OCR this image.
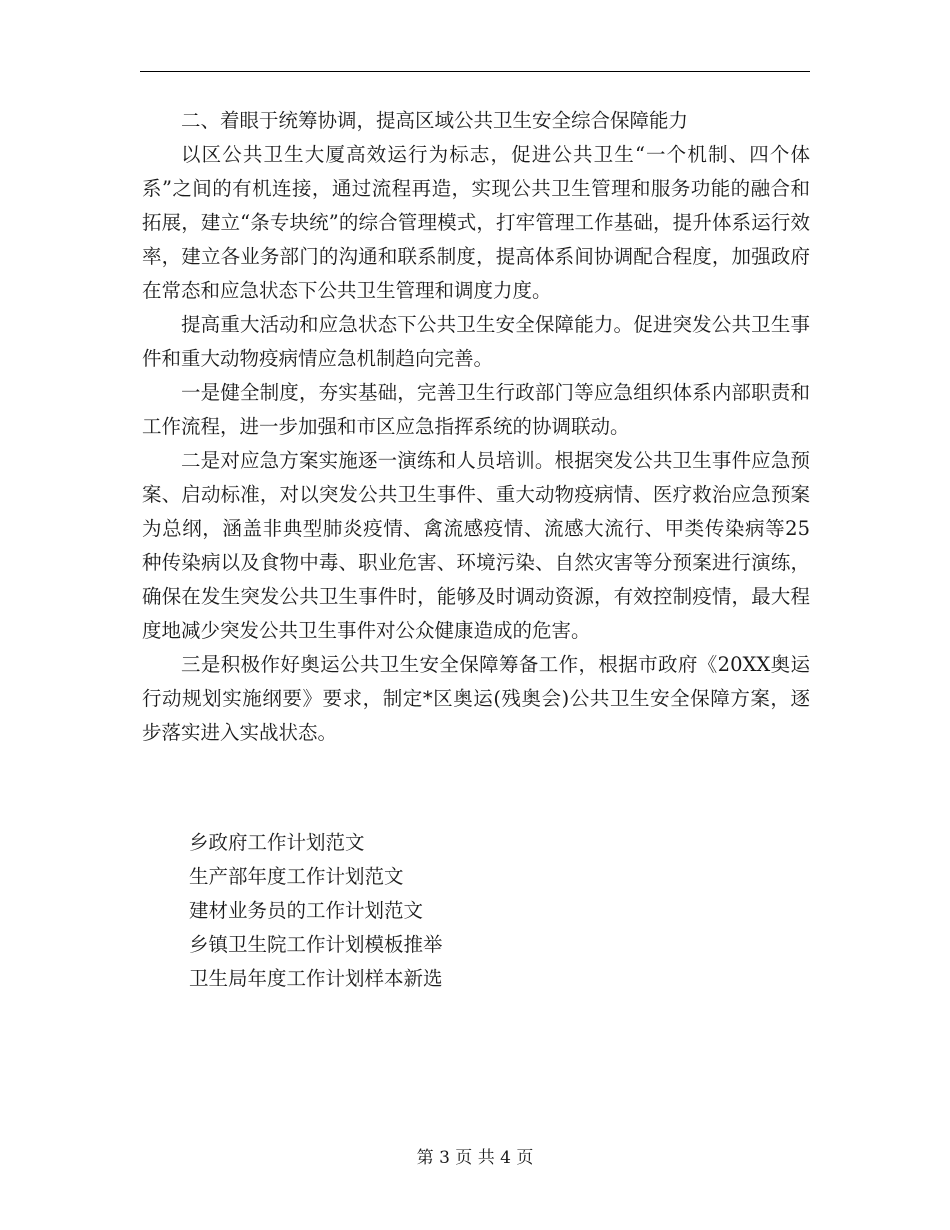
二、着眼于统筹协调，提高区域公共卫生安全综合保障能力

以区公共卫生大厦高效运行为标志，促进公共卫生“一个机制、四个体系”之间的有机连接，通过流程再造，实现公共卫生管理和服务功能的融合和拓展，建立“条专块统”的综合管理模式，打牢管理工作基础，提升体系运行效率，建立各业务部门的沟通和联系制度，提高体系间协调配合程度，加强政府在常态和应急状态下公共卫生管理和调度力度。

提高重大活动和应急状态下公共卫生安全保障能力。促进突发公共卫生事件和重大动物疫病情应急机制趋向完善。

一是健全制度，夯实基础，完善卫生行政部门等应急组织体系内部职责和工作流程，进一步加强和市区应急指挥系统的协调联动。

二是对应急方案实施逐一演练和人员培训。根据突发公共卫生事件应急预案、启动标准，对以突发公共卫生事件、重大动物疫病情、医疗救治应急预案为总纲，涵盖非典型肺炎疫情、禽流感疫情、流感大流行、甲类传染病等25种传染病以及食物中毒、职业危害、环境污染、自然灾害等分预案进行演练，确保在发生突发公共卫生事件时，能够及时调动资源，有效控制疫情，最大程度地减少突发公共卫生事件对公众健康造成的危害。

三是积极作好奥运公共卫生安全保障筹备工作，根据市政府《20XX奥运行动规划实施纲要》要求，制定*区奥运(残奥会)公共卫生安全保障方案，逐步落实进入实战状态。

乡政府工作计划范文
生产部年度工作计划范文
建材业务员的工作计划范文
乡镇卫生院工作计划模板推举
卫生局年度工作计划样本新选
第 3 页 共 4 页
